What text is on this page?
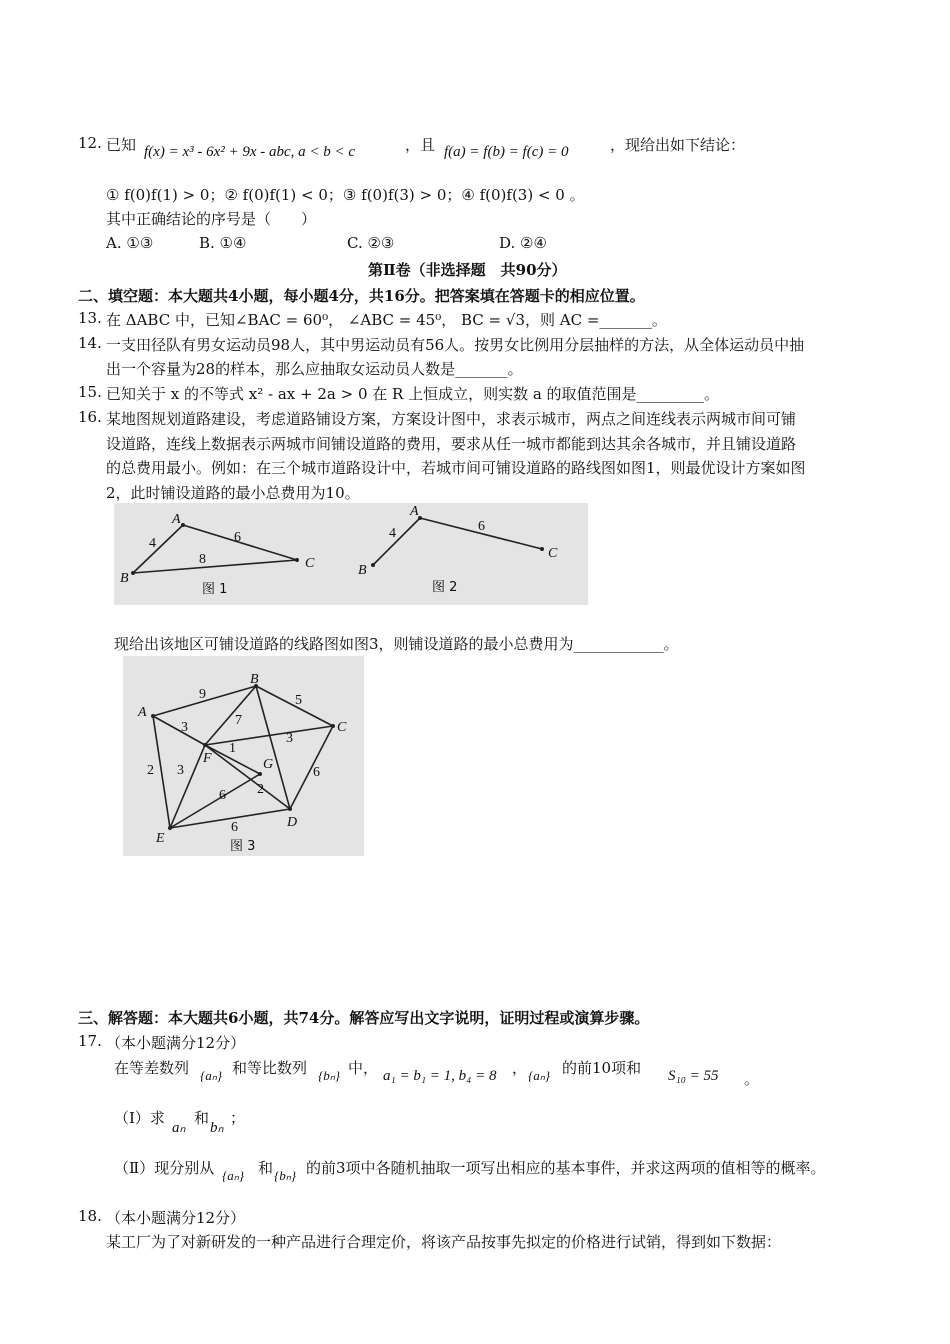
12. 已知 f(x) = x³ - 6x² + 9x - abc, a < b < c	，且 f(a) = f(b) = f(c) = 0	，现给出如下结论：
① f(0)f(1) > 0；② f(0)f(1) < 0；③ f(0)f(3) > 0；④ f(0)f(3) < 0 。
其中正确结论的序号是（　　）
A. ①③	B. ①④	C. ②③	D. ②④
第Ⅱ卷（非选择题　共90分）
二、填空题：本大题共4小题，每小题4分，共16分。把答案填在答题卡的相应位置。
13. 在 ΔABC 中，已知∠BAC = 60⁰， ∠ABC = 45⁰， BC = √3，则 AC =_______。
14. 一支田径队有男女运动员98人，其中男运动员有56人。按男女比例用分层抽样的方法，从全体运动员中抽
出一个容量为28的样本，那么应抽取女运动员人数是_______。
15. 已知关于 x 的不等式 x² - ax + 2a > 0 在 R 上恒成立，则实数 a 的取值范围是_________。
16. 某地图规划道路建设，考虑道路铺设方案，方案设计图中，求表示城市，两点之间连线表示两城市间可铺
设道路，连线上数据表示两城市间铺设道路的费用，要求从任一城市都能到达其余各城市，并且铺设道路
的总费用最小。例如：在三个城市道路设计中，若城市间可铺设道路的路线图如图1，则最优设计方案如图
2，此时铺设道路的最小总费用为10。
A
B
C
4	6
8
图 1
A
B
C
4	6
图 2
现给出该地区可铺设道路的线路图如图3，则铺设道路的最小总费用为____________。
A
B
C
D
E
F	G
9	5
3	7
1
3
2 3
6 2
6
6
图 3
三、解答题：本大题共6小题，共74分。解答应写出文字说明，证明过程或演算步骤。
17. （本小题满分12分）
在等差数列 {aₙ} 和等比数列 {bₙ} 中， a₁ = b₁ = 1, b₄ = 8 ， {aₙ} 的前10项和 S₁₀ = 55 。
（Ⅰ）求
aₙ
和
bₙ
；
（Ⅱ）现分别从 {aₙ} 和 {bₙ} 的前3项中各随机抽取一项写出相应的基本事件，并求这两项的值相等的概率。
18. （本小题满分12分）
某工厂为了对新研发的一种产品进行合理定价，将该产品按事先拟定的价格进行试销，得到如下数据：
